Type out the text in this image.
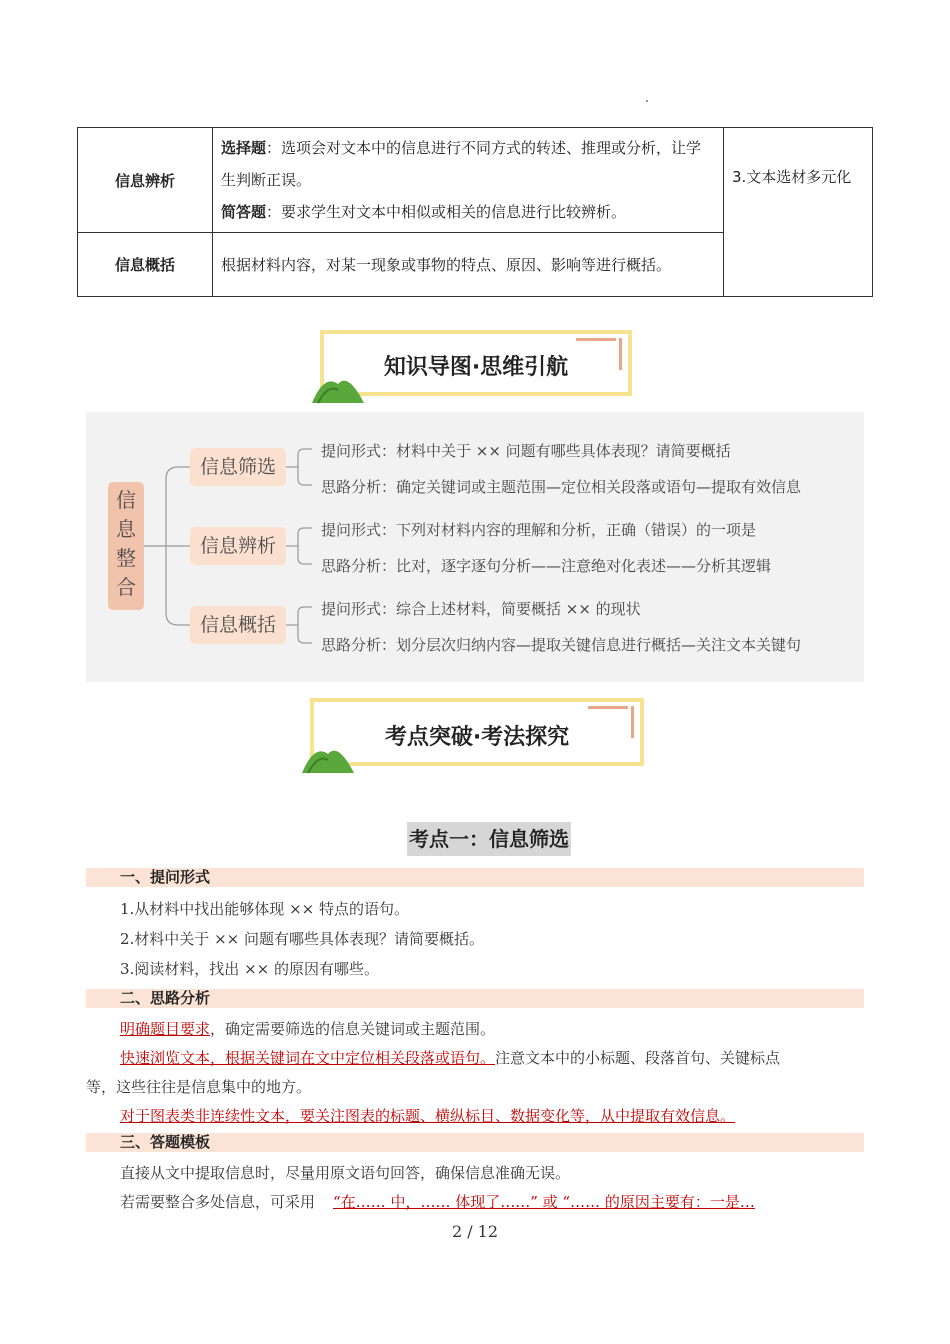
信息辨析	选择题：选项会对文本中的信息进行不同方式的转述、推理或分析，让学生判断正误。
简答题：要求学生对文本中相似或相关的信息进行比较辨析。	3.文本选材多元化

信息概括	根据材料内容，对某一现象或事物的特点、原因、影响等进行概括。	
知识导图·思维引航
信
息
整
合
信息筛选
提问形式：材料中关于 ×× 问题有哪些具体表现？请简要概括
思路分析：确定关键词或主题范围—定位相关段落或语句—提取有效信息
信息辨析
提问形式：下列对材料内容的理解和分析，正确（错误）的一项是
思路分析：比对，逐字逐句分析——注意绝对化表述——分析其逻辑
信息概括
提问形式：综合上述材料，简要概括 ×× 的现状
思路分析：划分层次归纳内容—提取关键信息进行概括—关注文本关键句
考点突破·考法探究
考点一：信息筛选
一、提问形式
1.从材料中找出能够体现 ×× 特点的语句。
2.材料中关于 ×× 问题有哪些具体表现？请简要概括。
3.阅读材料，找出 ×× 的原因有哪些。
二、思路分析
明确题目要求，确定需要筛选的信息关键词或主题范围。
快速浏览文本，根据关键词在文中定位相关段落或语句。注意文本中的小标题、段落首句、关键标点
等，这些往往是信息集中的地方。
对于图表类非连续性文本，要关注图表的标题、横纵标目、数据变化等，从中提取有效信息。
三、答题模板
直接从文中提取信息时，尽量用原文语句回答，确保信息准确无误。
若需要整合多处信息，可采用 “在…… 中，…… 体现了……” 或 “…… 的原因主要有：一是…
2 / 12
